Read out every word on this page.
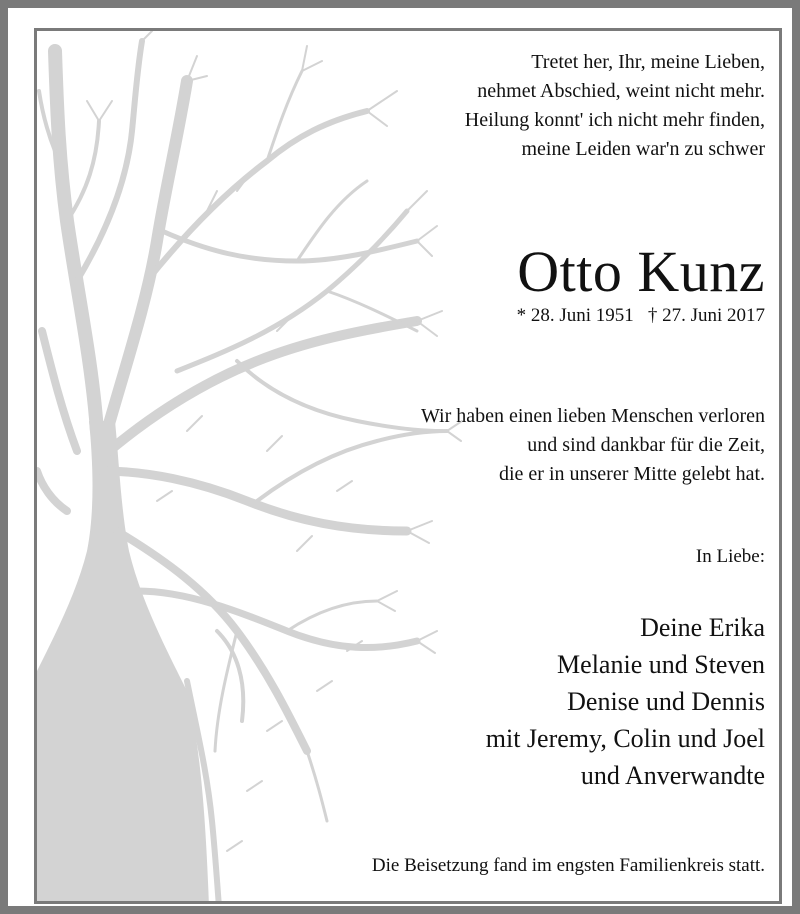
Tretet her, Ihr, meine Lieben,
nehmet Abschied, weint nicht mehr.
Heilung konnt' ich nicht mehr finden,
meine Leiden war'n zu schwer
Otto Kunz
* 28. Juni 1951 † 27. Juni 2017
Wir haben einen lieben Menschen verloren
und sind dankbar für die Zeit,
die er in unserer Mitte gelebt hat.
In Liebe:
Deine Erika
Melanie und Steven
Denise und Dennis
mit Jeremy, Colin und Joel
und Anverwandte
Die Beisetzung fand im engsten Familienkreis statt.
